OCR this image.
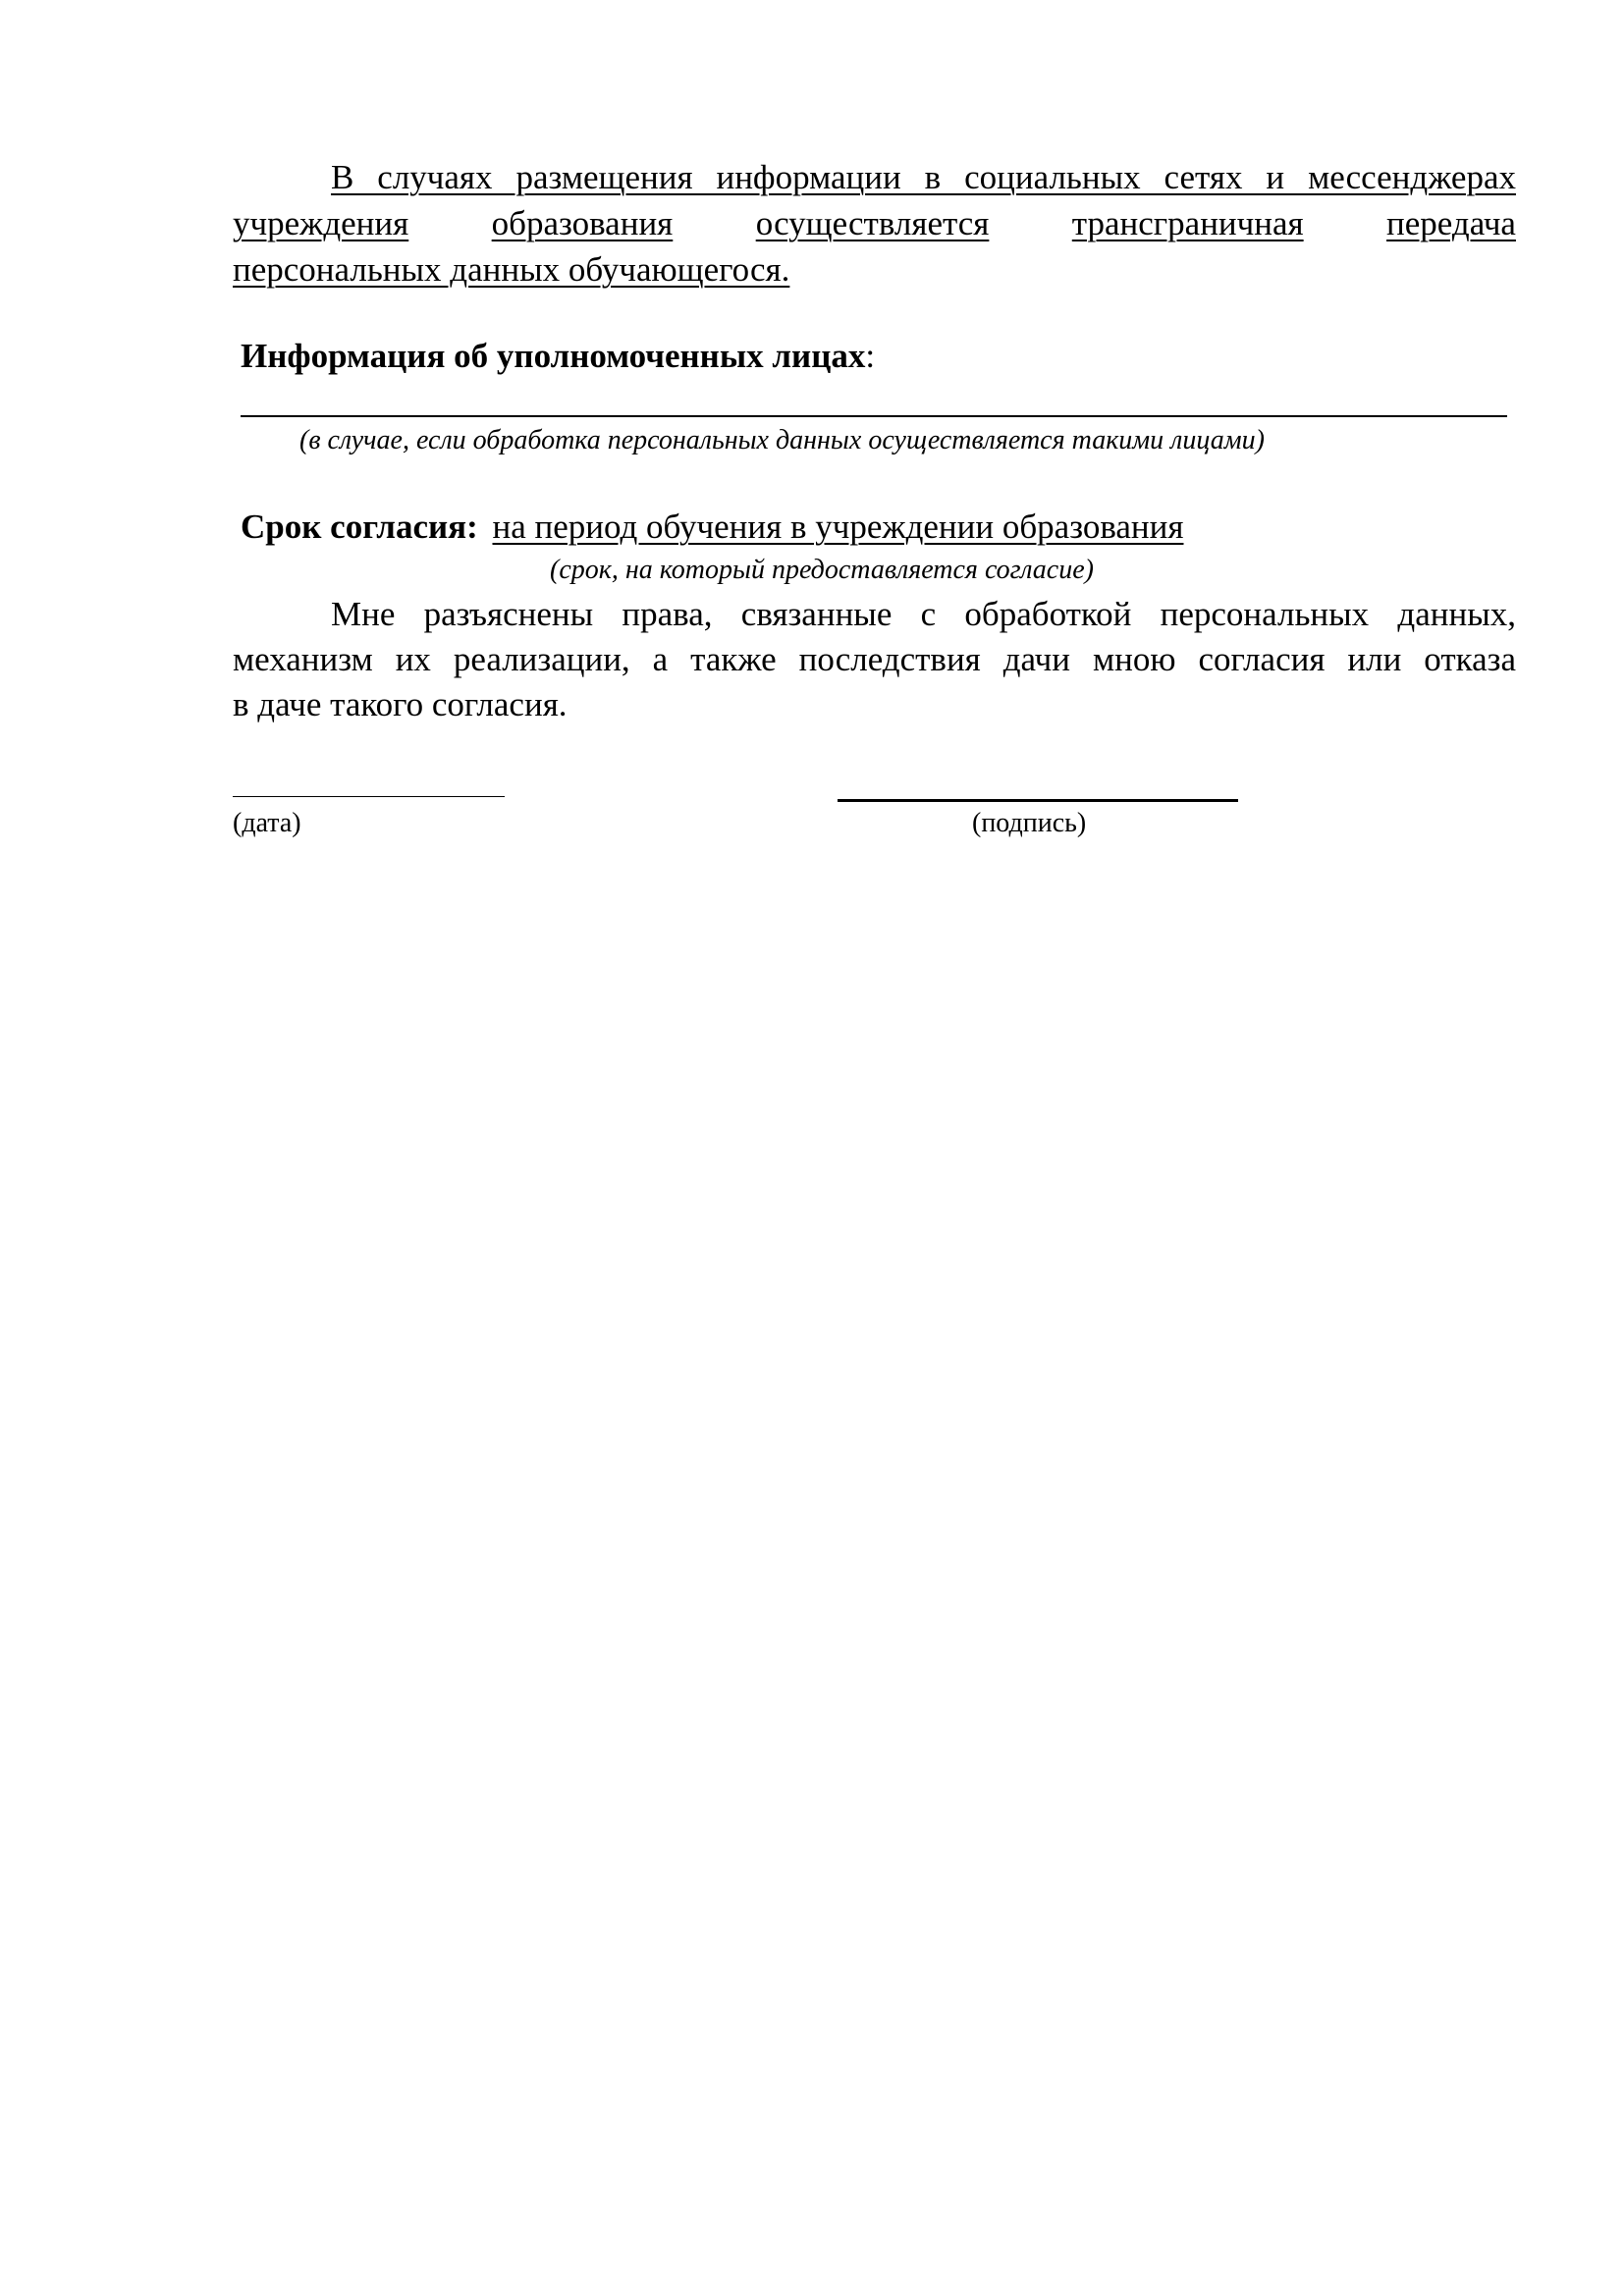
В случаях размещения информации в социальных сетях и мессенджерах
учреждения образования осуществляется трансграничная передача
персональных данных обучающегося.
Информация об уполномоченных лицах:
(в случае, если обработка персональных данных осуществляется такими лицами)
Срок согласия: на период обучения в учреждении образования
(срок, на который предоставляется согласие)
Мне разъяснены права, связанные с обработкой персональных данных,
механизм их реализации, а также последствия дачи мною согласия или отказа
в даче такого согласия.
(дата)	(подпись)
